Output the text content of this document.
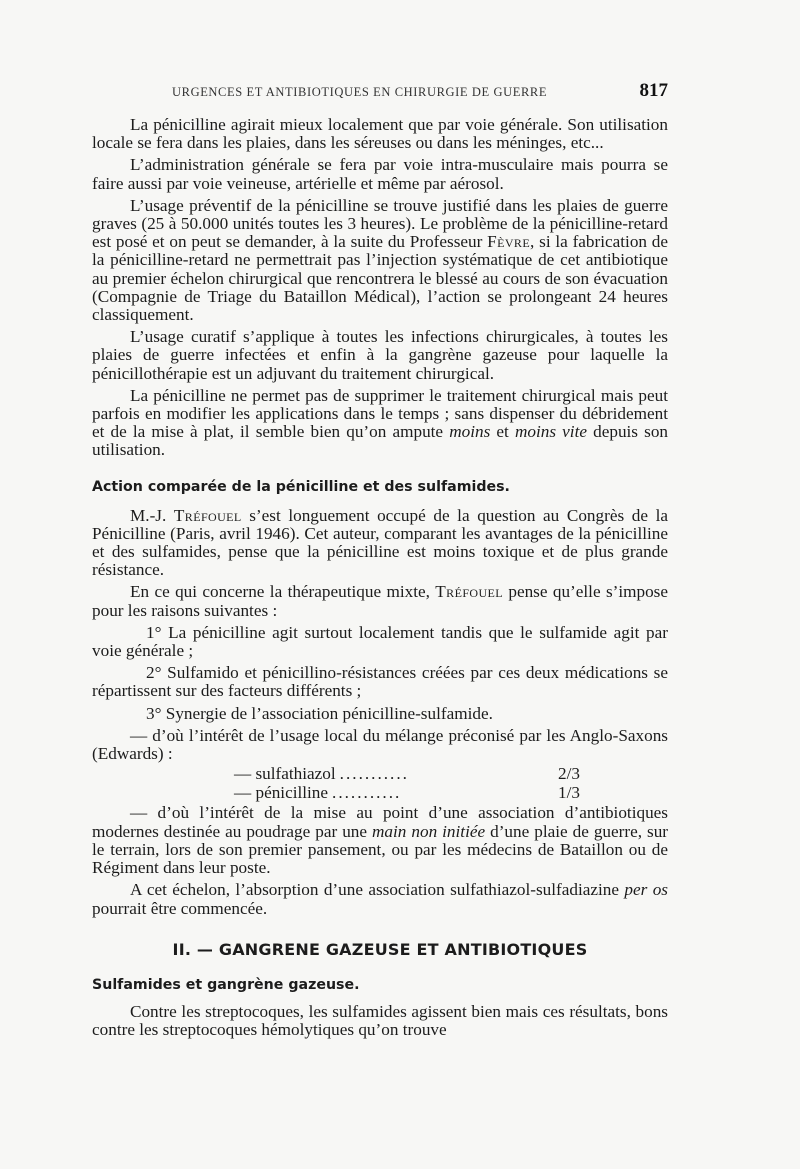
URGENCES ET ANTIBIOTIQUES EN CHIRURGIE DE GUERRE	817

La pénicilline agirait mieux localement que par voie générale. Son utilisation locale se fera dans les plaies, dans les séreuses ou dans les méninges, etc...

L’administration générale se fera par voie intra-musculaire mais pourra se faire aussi par voie veineuse, artérielle et même par aérosol.

L’usage préventif de la pénicilline se trouve justifié dans les plaies de guerre graves (25 à 50.000 unités toutes les 3 heures). Le problème de la pénicilline-retard est posé et on peut se demander, à la suite du Professeur Fèvre, si la fabrication de la pénicilline-retard ne permettrait pas l’injection systématique de cet antibiotique au premier échelon chirurgical que rencontrera le blessé au cours de son évacuation (Compagnie de Triage du Bataillon Médical), l’action se prolongeant 24 heures classiquement.

L’usage curatif s’applique à toutes les infections chirurgicales, à toutes les plaies de guerre infectées et enfin à la gangrène gazeuse pour laquelle la pénicillothérapie est un adjuvant du traitement chirurgical.

La pénicilline ne permet pas de supprimer le traitement chirurgical mais peut parfois en modifier les applications dans le temps ; sans dispenser du débridement et de la mise à plat, il semble bien qu’on ampute moins et moins vite depuis son utilisation.

Action comparée de la pénicilline et des sulfamides.

M.-J. Tréfouel s’est longuement occupé de la question au Congrès de la Pénicilline (Paris, avril 1946). Cet auteur, comparant les avantages de la pénicilline et des sulfamides, pense que la pénicilline est moins toxique et de plus grande résistance.

En ce qui concerne la thérapeutique mixte, Tréfouel pense qu’elle s’impose pour les raisons suivantes :

1° La pénicilline agit surtout localement tandis que le sulfamide agit par voie générale ;

2° Sulfamido et pénicillino-résistances créées par ces deux médications se répartissent sur des facteurs différents ;

3° Synergie de l’association pénicilline-sulfamide.

— d’où l’intérêt de l’usage local du mélange préconisé par les Anglo-Saxons (Edwards) :

— sulfathiazol ...........	2/3
— pénicilline ...........	1/3

— d’où l’intérêt de la mise au point d’une association d’antibiotiques modernes destinée au poudrage par une main non initiée d’une plaie de guerre, sur le terrain, lors de son premier pansement, ou par les médecins de Bataillon ou de Régiment dans leur poste.

A cet échelon, l’absorption d’une association sulfathiazol-sulfadiazine per os pourrait être commencée.

II. — GANGRENE GAZEUSE ET ANTIBIOTIQUES
Sulfamides et gangrène gazeuse.

Contre les streptocoques, les sulfamides agissent bien mais ces résultats, bons contre les streptocoques hémolytiques qu’on trouve
